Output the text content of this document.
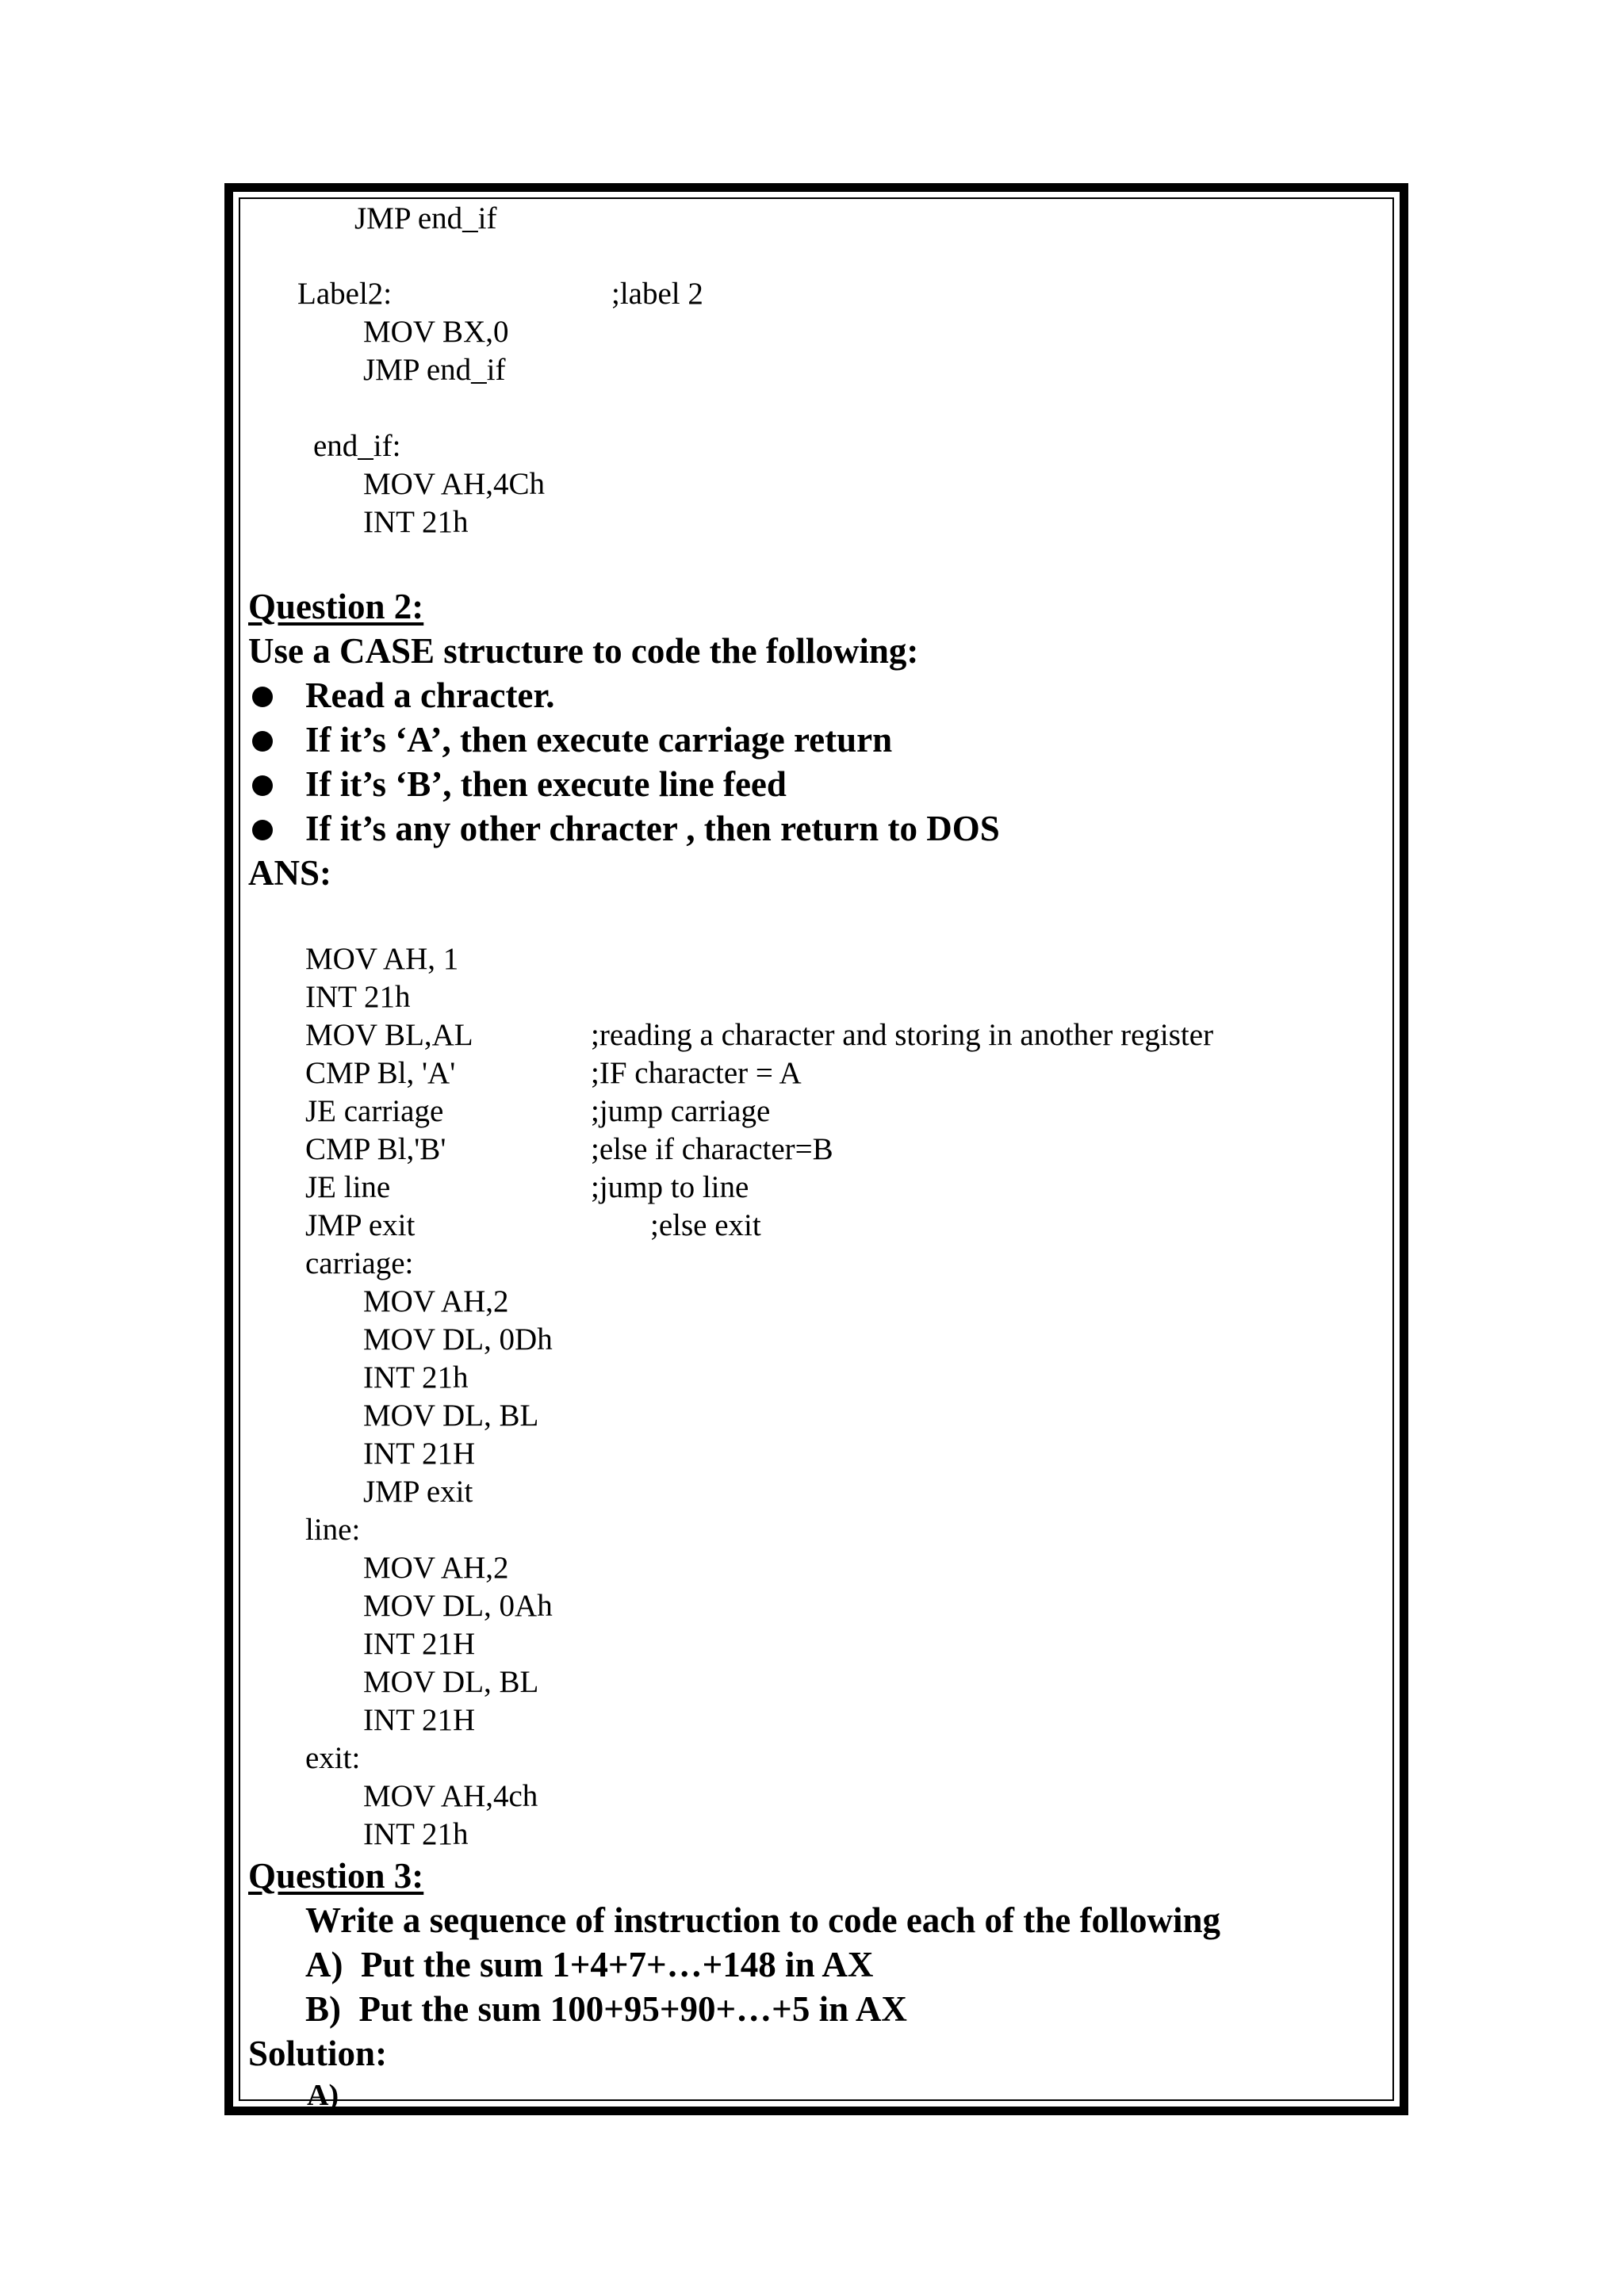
JMP end_if
Label2:	;label 2
MOV BX,0
JMP end_if
end_if:
MOV AH,4Ch
INT 21h
Question 2:
Use a CASE structure to code the following:
Read a chracter.
If it’s ‘A’, then execute carriage return
If it’s ‘B’, then execute line feed
If it’s any other chracter , then return to DOS
ANS:
MOV AH, 1
INT 21h
MOV BL,AL	;reading a character and storing in another register
CMP Bl, 'A'	;IF character = A
JE carriage	;jump carriage
CMP Bl,'B'	;else if character=B
JE line	;jump to line
JMP exit	;else exit
carriage:
MOV AH,2
MOV DL, 0Dh
INT 21h
MOV DL, BL
INT 21H
JMP exit
line:
MOV AH,2
MOV DL, 0Ah
INT 21H
MOV DL, BL
INT 21H
exit:
MOV AH,4ch
INT 21h
Question 3:
Write a sequence of instruction to code each of the following
A)  Put the sum 1+4+7+…+148 in AX
B)  Put the sum 100+95+90+…+5 in AX
Solution:
A)
